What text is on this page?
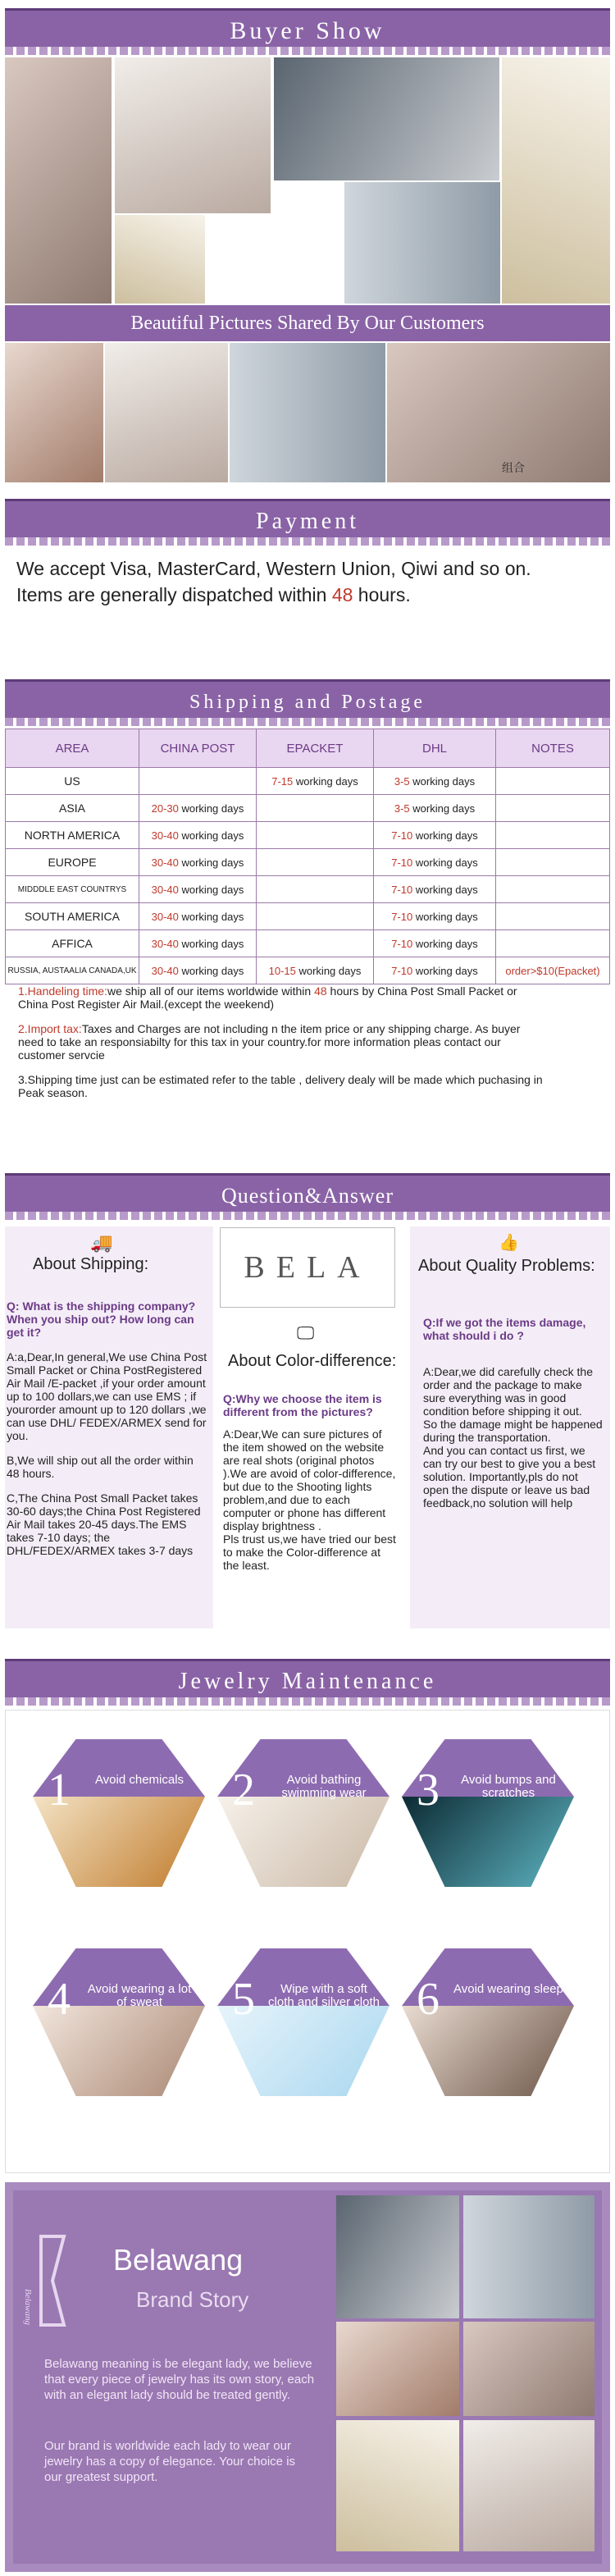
Buyer Show
Beautiful Pictures Shared By Our Customers
组合
Payment
We accept Visa, MasterCard, Western Union, Qiwi and so on.
Items are generally dispatched within 48 hours.
Shipping and Postage
AREA	CHINA POST	EPACKET	DHL	NOTES
US		7-15 working days	3-5 working days	
ASIA	20-30 working days		3-5 working days	
NORTH AMERICA	30-40 working days		7-10 working days	
EUROPE	30-40 working days		7-10 working days	
MIDDDLE EAST COUNTRYS	30-40 working days		7-10 working days	
SOUTH AMERICA	30-40 working days		7-10 working days	
AFFICA	30-40 working days		7-10 working days	
RUSSIA, AUSTAALIA CANADA,UK	30-40 working days	10-15 working days	7-10 working days	order>$10(Epacket)

1.Handeling time:we ship all of our items worldwide within 48 hours by China Post Small Packet or China Post Register Air Mail.(except the weekend)

2.Import tax:Taxes and Charges are not including n the item price or any shipping charge. As buyer need to take an responsiabilty for this tax in your country.for more information pleas contact our customer servcie

3.Shipping time just can be estimated refer to the table , delivery dealy will be made which puchasing in Peak season.

Question&Answer
🚚
About Shipping:
Q: What is the shipping company? When you ship out? How long can get it?
A:a,Dear,In general,We use China Post Small Packet or China PostRegistered Air Mail /E-packet ,if your order amount up to 100 dollars,we can use EMS ; if yourorder amount up to 120 dollars ,we can use DHL/ FEDEX/ARMEX send for you.
B,We will ship out all the order within 48 hours.
C,The China Post Small Packet takes 30-60 days;the China Post Registered Air Mail takes 20-45 days.The EMS takes 7-10 days; the DHL/FEDEX/ARMEX takes 3-7 days
BELA
🖵
About Color-difference:
Q:Why we choose the item is different from the pictures?
A:Dear,We can sure pictures of the item showed on the website are real shots (original photos ).We are avoid of color-difference, but due to the Shooting lights problem,and due to each computer or phone has different display brightness .
Pls trust us,we have tried our best to make the Color-difference at the least.
👍
About Quality Problems:
Q:If we got the items damage, what should i do ?
A:Dear,we did carefully check the order and the package to make sure everything was in good condition before shipping it out.
So the damage might be happened during the transportation.
And you can contact us first, we can try our best to give you a best solution. Importantly,pls do not open the dispute or leave us bad feedback,no solution will help
Jewelry Maintenance
1	Avoid chemicals 2	Avoid bathing swimming wear	3	Avoid bumps and scratches
4	Avoid wearing a lot of sweat	5	Wipe with a soft cloth and silver cloth 6 Avoid wearing sleep
Belawang
Belawang
Brand Story
Belawang meaning is be elegant lady, we believe that every piece of jewelry has its own story, each with an elegant lady should be treated gently.
Our brand is worldwide each lady to wear our jewelry has a copy of elegance. Your choice is our greatest support.
